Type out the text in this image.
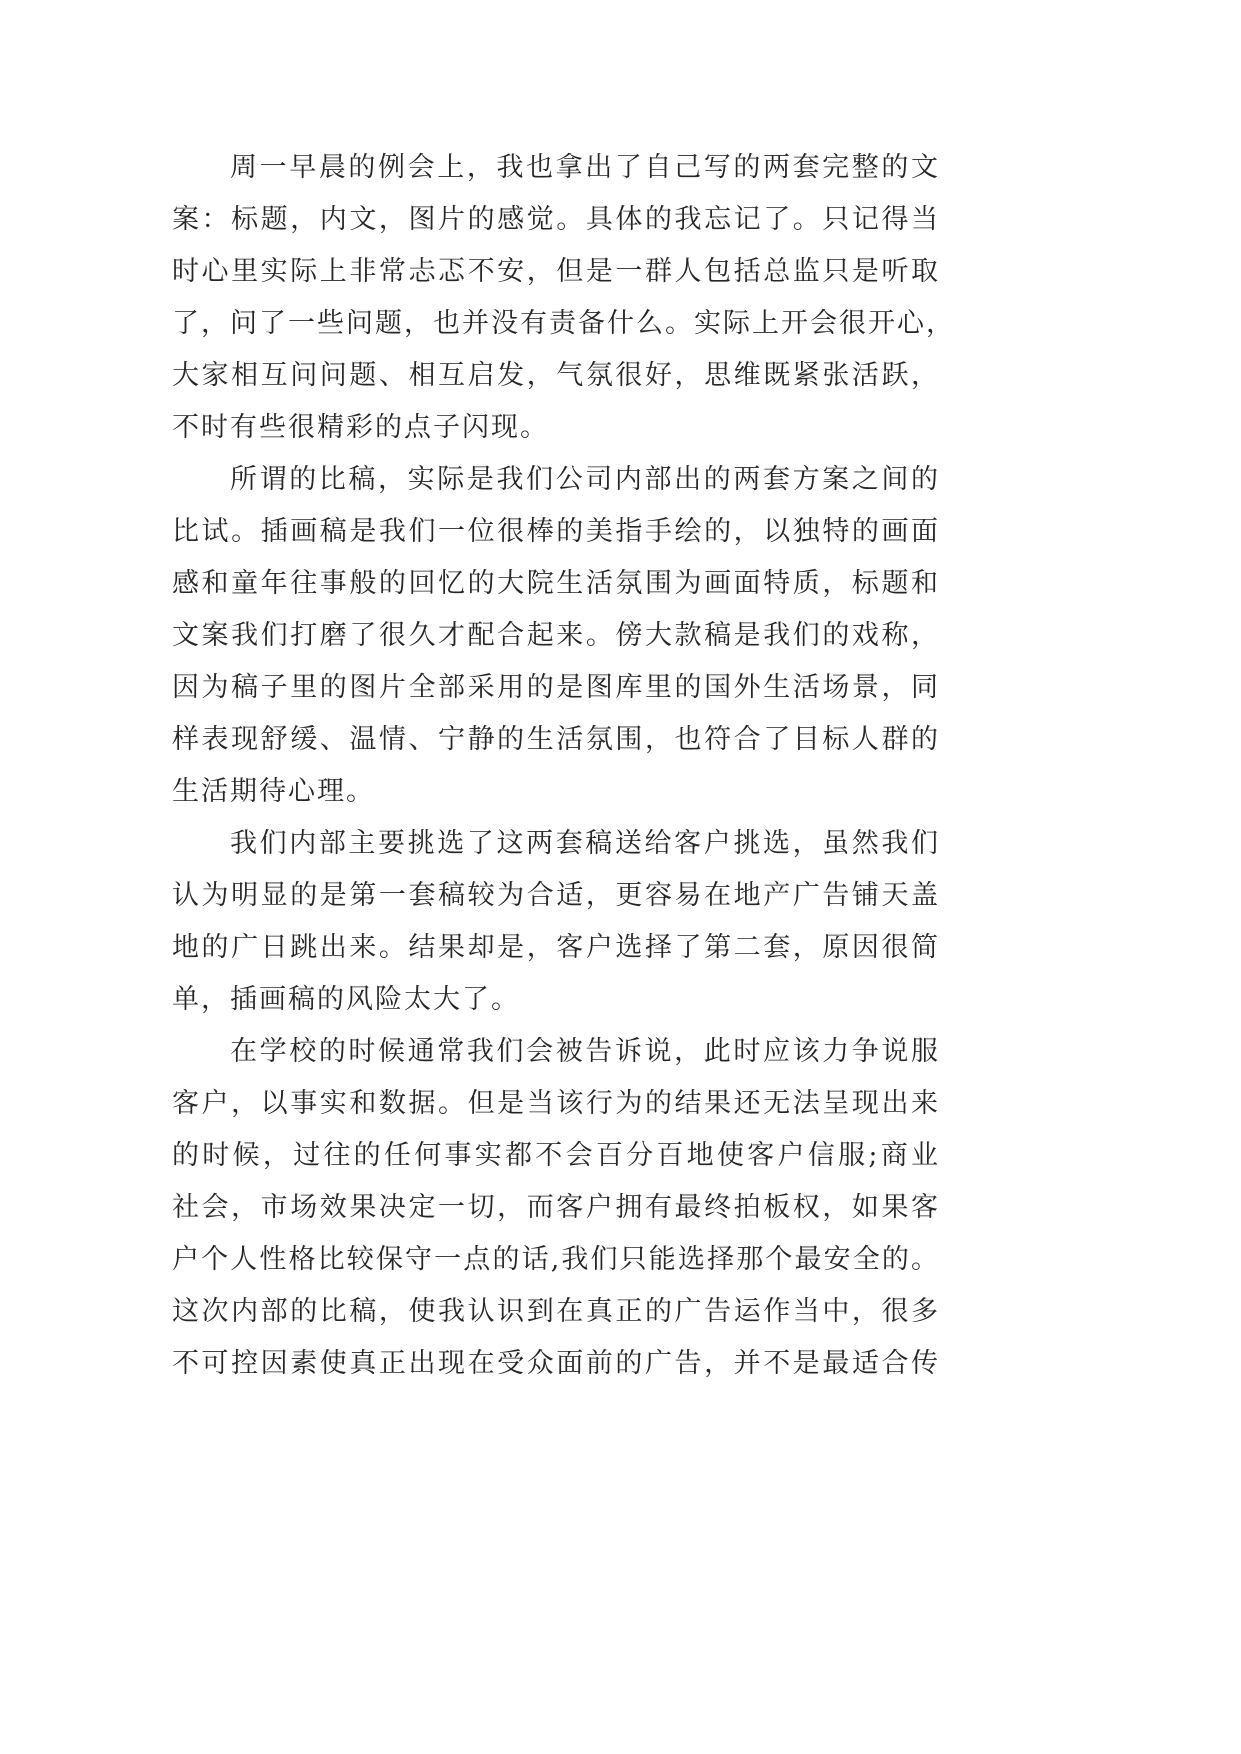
周一早晨的例会上，我也拿出了自己写的两套完整的文
案：标题，内文，图片的感觉。具体的我忘记了。只记得当
时心里实际上非常忐忑不安，但是一群人包括总监只是听取
了，问了一些问题，也并没有责备什么。实际上开会很开心，
大家相互问问题、相互启发，气氛很好，思维既紧张活跃，
不时有些很精彩的点子闪现。
所谓的比稿，实际是我们公司内部出的两套方案之间的
比试。插画稿是我们一位很棒的美指手绘的，以独特的画面
感和童年往事般的回忆的大院生活氛围为画面特质，标题和
文案我们打磨了很久才配合起来。傍大款稿是我们的戏称，
因为稿子里的图片全部采用的是图库里的国外生活场景，同
样表现舒缓、温情、宁静的生活氛围，也符合了目标人群的
生活期待心理。
我们内部主要挑选了这两套稿送给客户挑选，虽然我们
认为明显的是第一套稿较为合适，更容易在地产广告铺天盖
地的广日跳出来。结果却是，客户选择了第二套，原因很简
单，插画稿的风险太大了。
在学校的时候通常我们会被告诉说，此时应该力争说服
客户，以事实和数据。但是当该行为的结果还无法呈现出来
的时候，过往的任何事实都不会百分百地使客户信服;商业
社会，市场效果决定一切，而客户拥有最终拍板权，如果客
户个人性格比较保守一点的话,我们只能选择那个最安全的。
这次内部的比稿，使我认识到在真正的广告运作当中，很多
不可控因素使真正出现在受众面前的广告，并不是最适合传
